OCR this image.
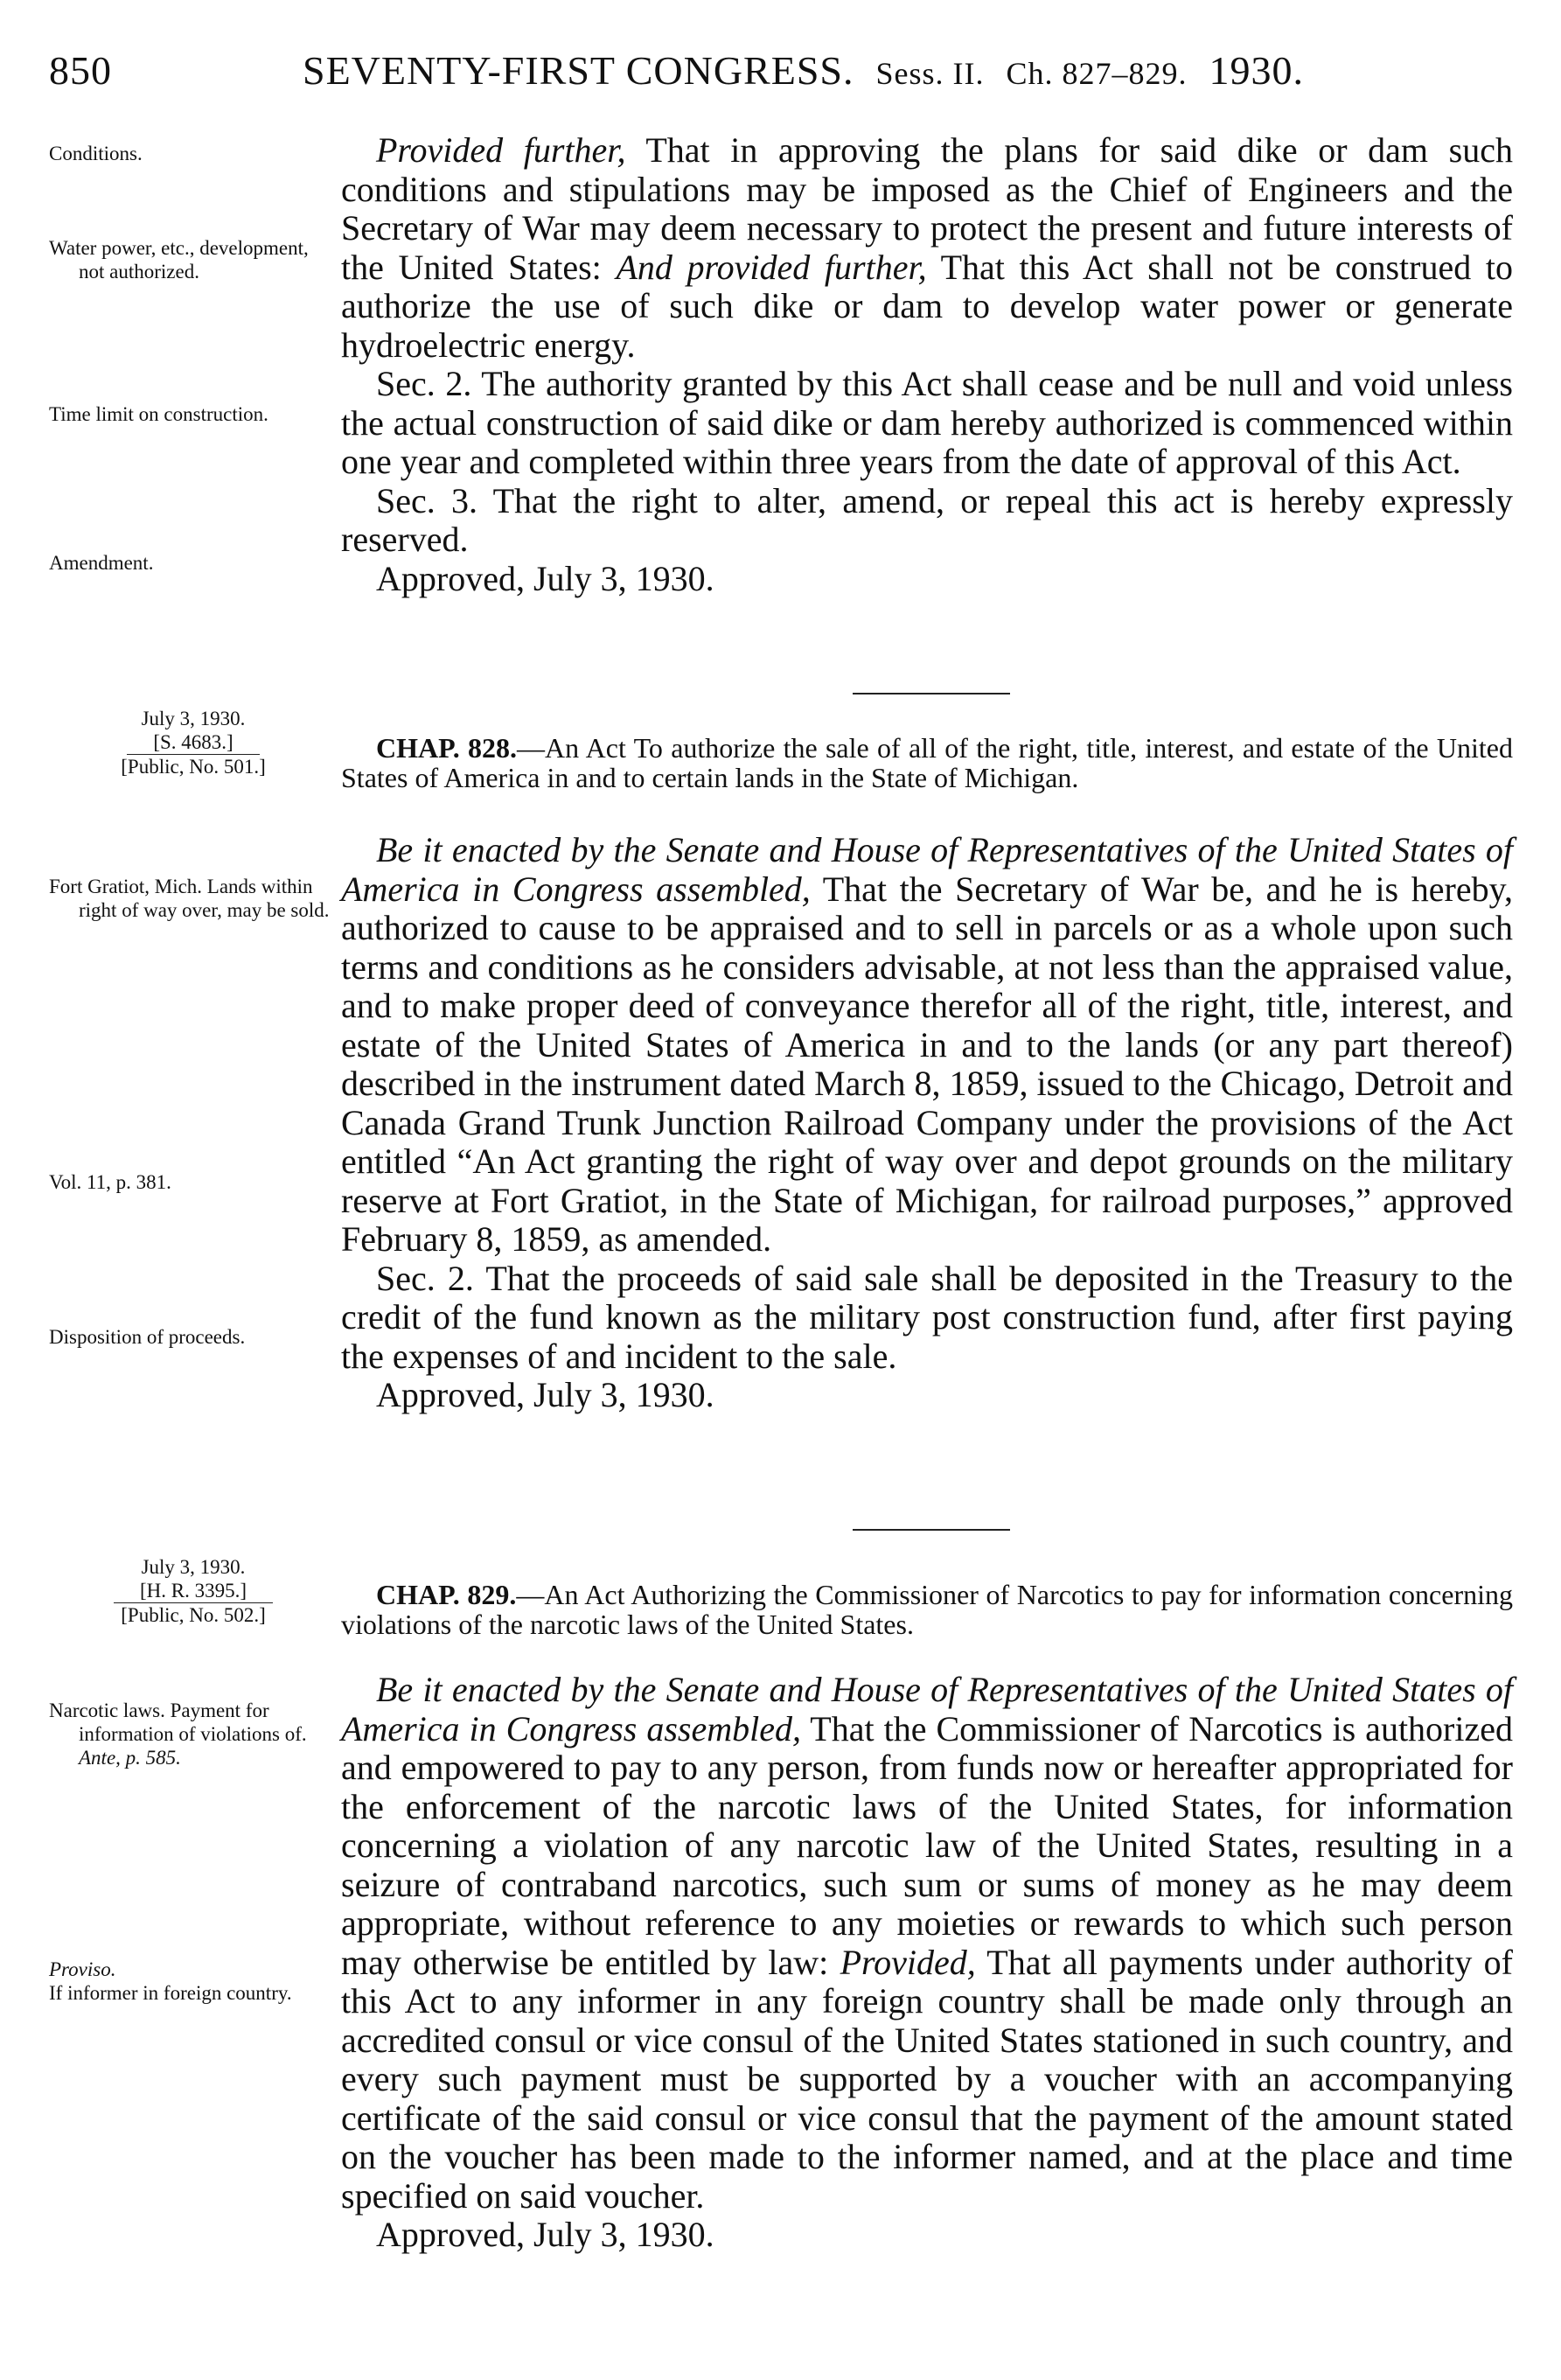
850	SEVENTY-FIRST CONGRESS. Sess. II. Ch. 827–829. 1930.
Conditions.
Water power, etc., development, not authorized.
Time limit on construction.
Amendment.

Provided further, That in approving the plans for said dike or dam such conditions and stipulations may be imposed as the Chief of Engineers and the Secretary of War may deem necessary to protect the present and future interests of the United States: And provided further, That this Act shall not be construed to authorize the use of such dike or dam to develop water power or generate hydroelectric energy.

Sec. 2. The authority granted by this Act shall cease and be null and void unless the actual construction of said dike or dam hereby authorized is commenced within one year and completed within three years from the date of approval of this Act.

Sec. 3. That the right to alter, amend, or repeal this act is hereby expressly reserved.

Approved, July 3, 1930.

July 3, 1930.
[S. 4683.]
[Public, No. 501.]

CHAP. 828.—An Act To authorize the sale of all of the right, title, interest, and estate of the United States of America in and to certain lands in the State of Michigan.

Fort Gratiot, Mich. Lands within right of way over, may be sold.
Vol. 11, p. 381.
Disposition of proceeds.

Be it enacted by the Senate and House of Representatives of the United States of America in Congress assembled, That the Secretary of War be, and he is hereby, authorized to cause to be appraised and to sell in parcels or as a whole upon such terms and conditions as he considers advisable, at not less than the appraised value, and to make proper deed of conveyance therefor all of the right, title, interest, and estate of the United States of America in and to the lands (or any part thereof) described in the instrument dated March 8, 1859, issued to the Chicago, Detroit and Canada Grand Trunk Junction Railroad Company under the provisions of the Act entitled “An Act granting the right of way over and depot grounds on the military reserve at Fort Gratiot, in the State of Michigan, for railroad purposes,” approved February 8, 1859, as amended.

Sec. 2. That the proceeds of said sale shall be deposited in the Treasury to the credit of the fund known as the military post construction fund, after first paying the expenses of and incident to the sale.

Approved, July 3, 1930.

July 3, 1930.
[H. R. 3395.]
[Public, No. 502.]

CHAP. 829.—An Act Authorizing the Commissioner of Narcotics to pay for information concerning violations of the narcotic laws of the United States.

Narcotic laws. Payment for information of violations of.
Ante, p. 585.
Proviso.
If informer in foreign country.

Be it enacted by the Senate and House of Representatives of the United States of America in Congress assembled, That the Commissioner of Narcotics is authorized and empowered to pay to any person, from funds now or hereafter appropriated for the enforcement of the narcotic laws of the United States, for information concerning a violation of any narcotic law of the United States, resulting in a seizure of contraband narcotics, such sum or sums of money as he may deem appropriate, without reference to any moieties or rewards to which such person may otherwise be entitled by law: Provided, That all payments under authority of this Act to any informer in any foreign country shall be made only through an accredited consul or vice consul of the United States stationed in such country, and every such payment must be supported by a voucher with an accompanying certificate of the said consul or vice consul that the payment of the amount stated on the voucher has been made to the informer named, and at the place and time specified on said voucher.

Approved, July 3, 1930.
